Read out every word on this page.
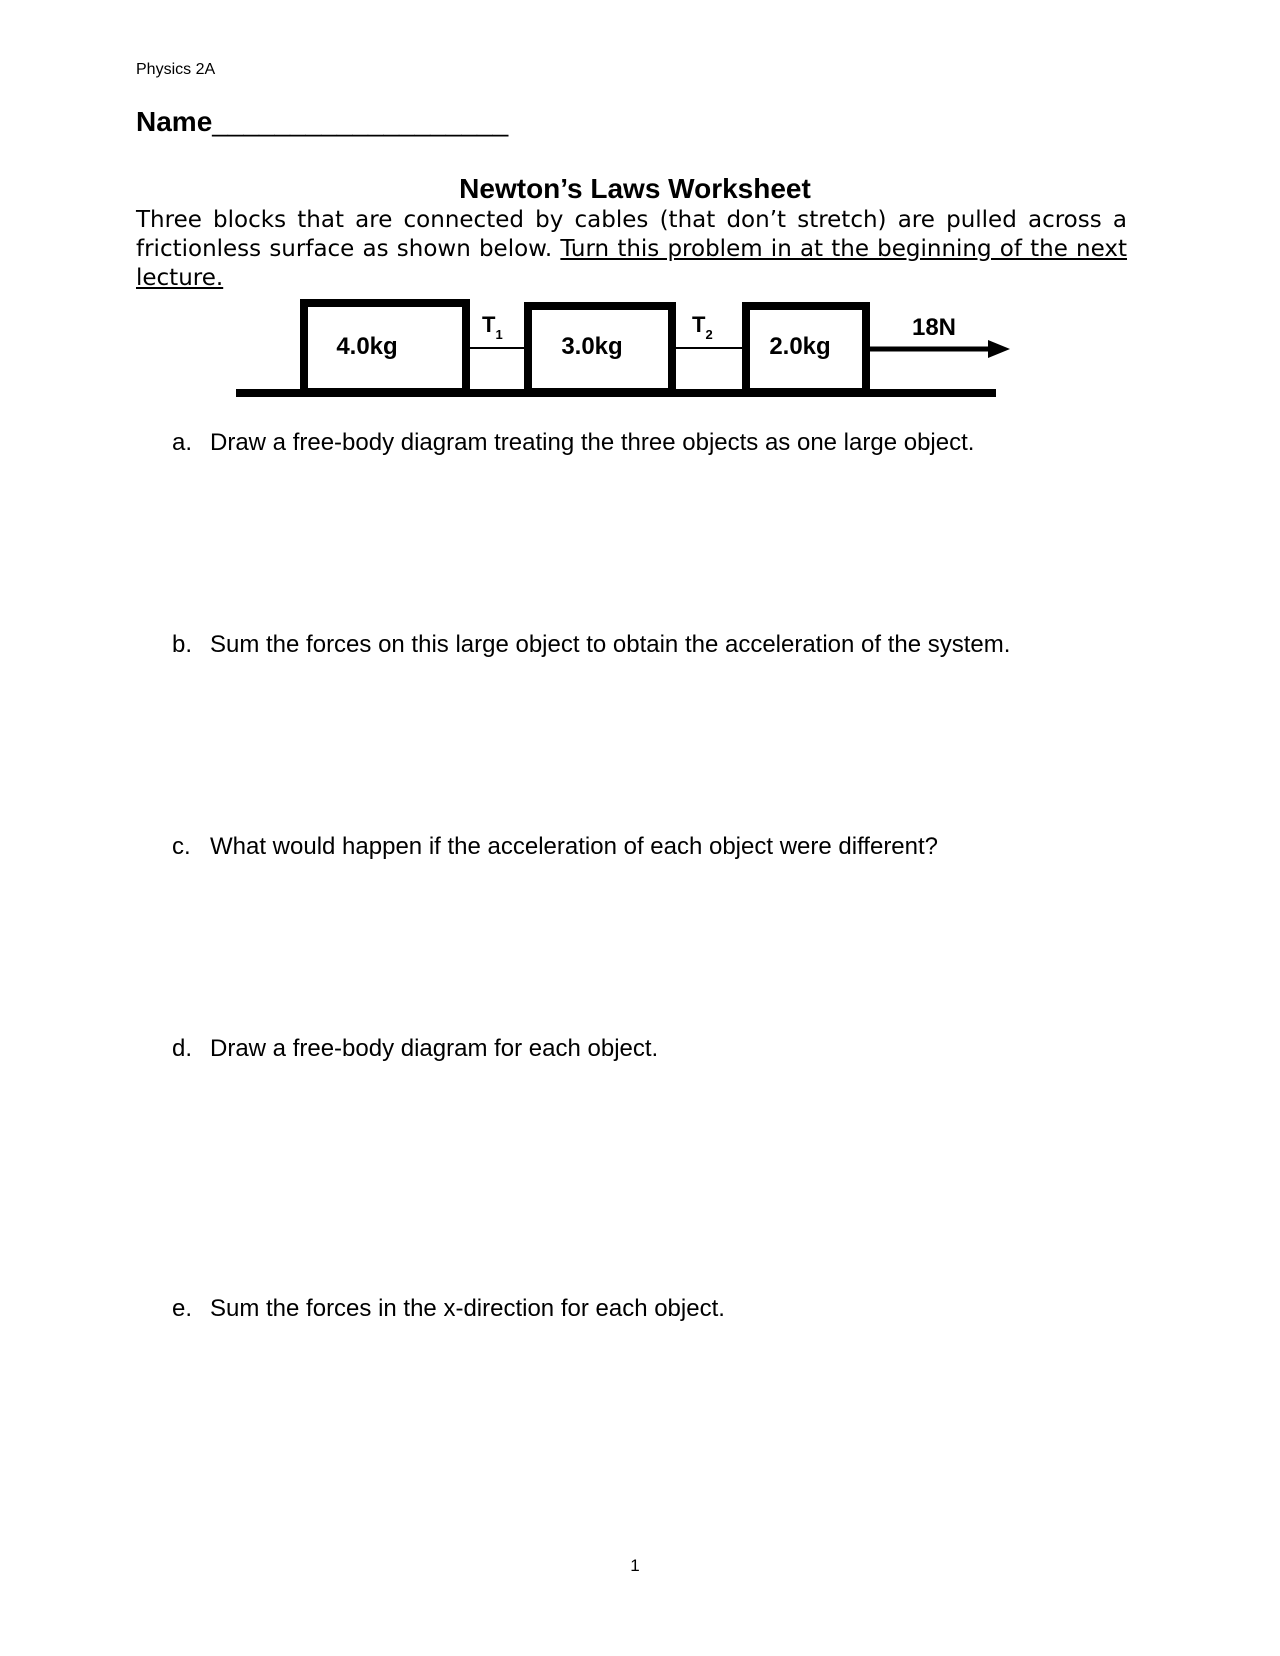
Physics 2A
Name___________________
Newton’s Laws Worksheet
Three blocks that are connected by cables (that don’t stretch) are pulled across a frictionless surface as shown below. Turn this problem in at the beginning of the next lecture.
4.0kg
$T_1$ 3.0kg
$T_2$ 2.0kg
18N
a. Draw a free-body diagram treating the three objects as one large object.
b. Sum the forces on this large object to obtain the acceleration of the system.
c. What would happen if the acceleration of each object were different?
d. Draw a free-body diagram for each object.
e. Sum the forces in the x-direction for each object.
1
